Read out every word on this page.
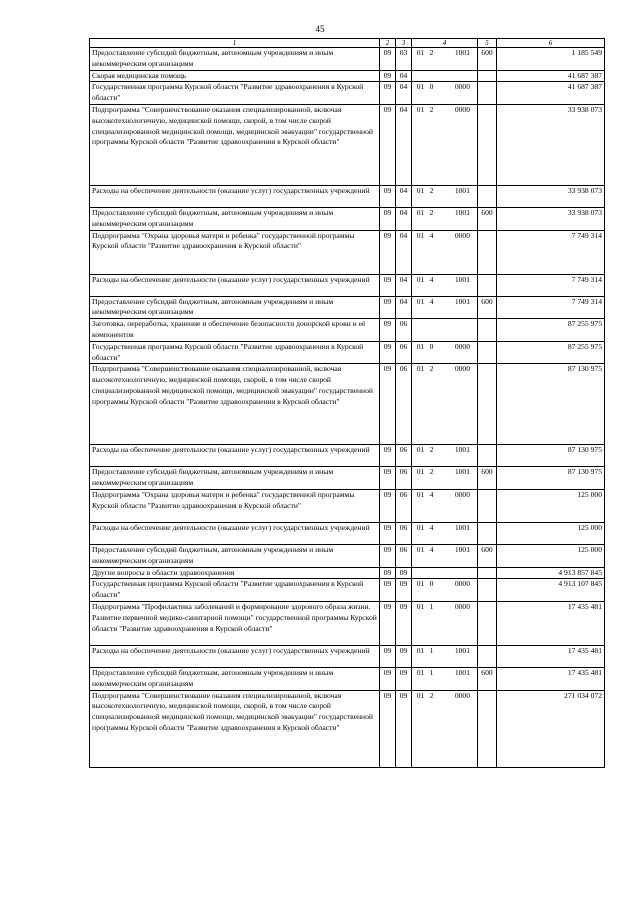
45
1	2	3	4	5	6
Предоставление субсидий бюджетным, автономным учреждениям и иным некоммерческим организациям	09	03	01 2 1001	600	1 185 549
Скорая медицинская помощь	09	04			41 687 387
Государственная программа Курской области "Развитие здравоохранения в Курской области"	09	04	01 0 0000		41 687 387
Подпрограмма "Совершенствование оказания специализированной, включая высокотехнологичную, медицинской помощи, скорой, в том числе скорой специализированной медицинской помощи, медицинской эвакуации" государственной программы Курской области "Развитие здравоохранения в Курской области"	09	04	01 2 0000		33 938 073
Расходы на обеспечение деятельности (оказание услуг) государственных учреждений	09	04	01 2 1001		33 938 073
Предоставление субсидий бюджетным, автономным учреждениям и иным некоммерческим организациям	09	04	01 2 1001	600	33 938 073
Подпрограмма "Охрана здоровья матери и ребенка" государственной программы Курской области "Развитие здравоохранения в Курской области"	09	04	01 4 0000		7 749 314
Расходы на обеспечение деятельности (оказание услуг) государственных учреждений	09	04	01 4 1001		7 749 314
Предоставление субсидий бюджетным, автономным учреждениям и иным некоммерческим организациям	09	04	01 4 1001	600	7 749 314
Заготовка, переработка, хранение и обеспечение безопасности донорской крови и её компонентов	09	06			87 255 975
Государственная программа Курской области "Развитие здравоохранения в Курской области"	09	06	01 0 0000		87 255 975
Подпрограмма "Совершенствование оказания специализированной, включая высокотехнологичную, медицинской помощи, скорой, в том числе скорой специализированной медицинской помощи, медицинской эвакуации" государственной программы Курской области "Развитие здравоохранения в Курской области"	09	06	01 2 0000		87 130 975
Расходы на обеспечение деятельности (оказание услуг) государственных учреждений	09	06	01 2 1001		87 130 975
Предоставление субсидий бюджетным, автономным учреждениям и иным некоммерческим организациям	09	06	01 2 1001	600	87 130 975
Подпрограмма "Охрана здоровья матери и ребенка" государственной программы Курской области "Развитие здравоохранения в Курской области"	09	06	01 4 0000		125 000
Расходы на обеспечение деятельности (оказание услуг) государственных учреждений	09	06	01 4 1001		125 000
Предоставление субсидий бюджетным, автономным учреждениям и иным некоммерческим организациям	09	06	01 4 1001	600	125 000
Другие вопросы в области здравоохранения	09	09			4 913 857 845
Государственная программа Курской области "Развитие здравоохранения в Курской области"	09	09	01 0 0000		4 913 107 845
Подпрограмма "Профилактика заболеваний и формирование здорового образа жизни. Развитие первичной медико-санитарной помощи" государственной программы Курской области "Развитие здравоохранения в Курской области"	09	09	01 1 0000		17 435 481
Расходы на обеспечение деятельности (оказание услуг) государственных учреждений	09	09	01 1 1001		17 435 481
Предоставление субсидий бюджетным, автономным учреждениям и иным некоммерческим организациям	09	09	01 1 1001	600	17 435 481
Подпрограмма "Совершенствование оказания специализированной, включая высокотехнологичную, медицинской помощи, скорой, в том числе скорой специализированной медицинской помощи, медицинской эвакуации" государственной программы Курской области "Развитие здравоохранения в Курской области"	09	09	01 2 0000		271 034 072
